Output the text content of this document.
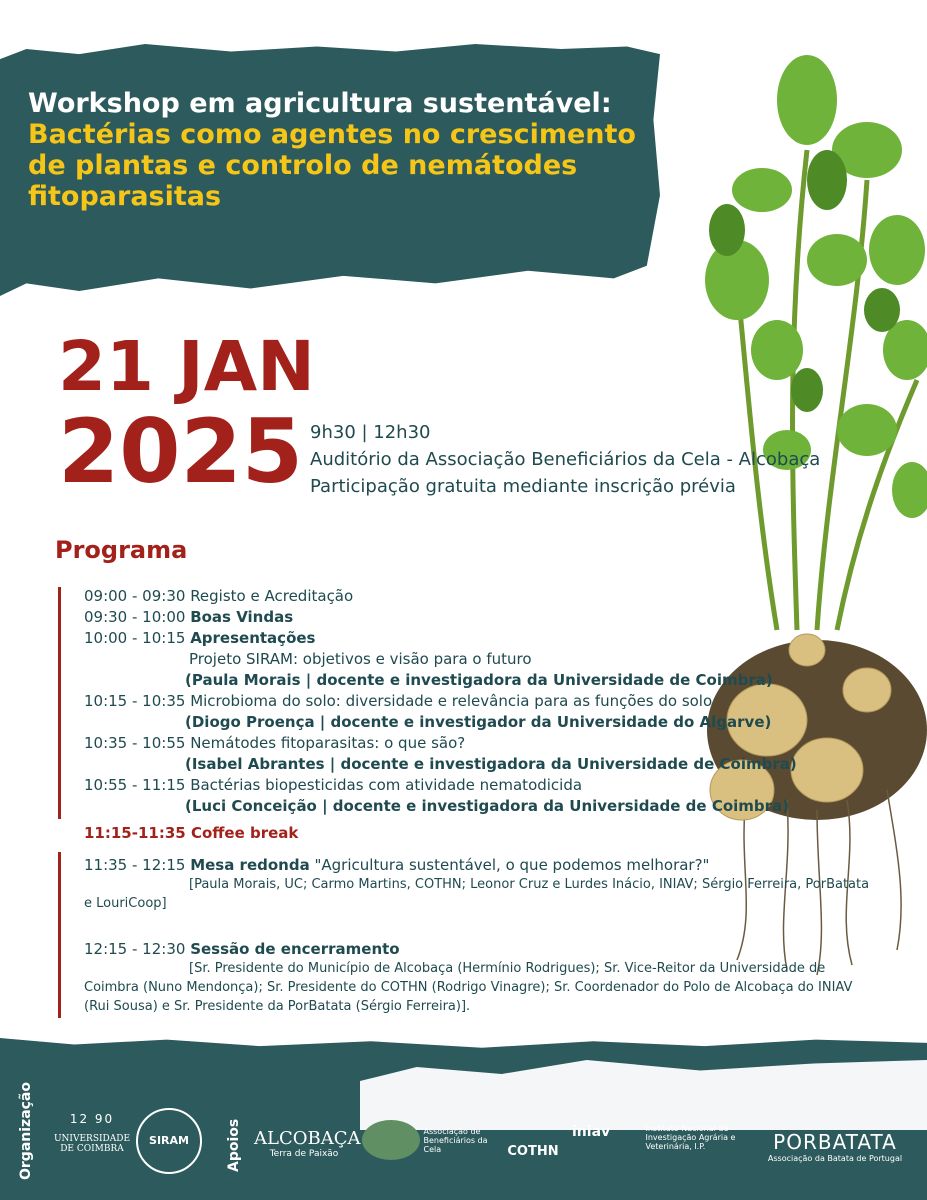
Workshop em agricultura sustentável:
Bactérias como agentes no crescimento de plantas e controlo de nemátodes fitoparasitas
21 JAN
2025 9h30 | 12h30
Auditório da Associação Beneficiários da Cela - Alcobaça
Participação gratuita mediante inscrição prévia
Programa
09:00 - 09:30 Registo e Acreditação
09:30 - 10:00 Boas Vindas
10:00 - 10:15 Apresentações
Projeto SIRAM: objetivos e visão para o futuro
(Paula Morais | docente e investigadora da Universidade de Coimbra)
10:15 - 10:35 Microbioma do solo: diversidade e relevância para as funções do solo
(Diogo Proença | docente e investigador da Universidade do Algarve)
10:35 - 10:55 Nemátodes fitoparasitas: o que são?
(Isabel Abrantes | docente e investigadora da Universidade de Coimbra)
10:55 - 11:15 Bactérias biopesticidas com atividade nematodicida
(Luci Conceição | docente e investigadora da Universidade de Coimbra)
11:15-11:35 Coffee break
11:35 - 12:15 Mesa redonda "Agricultura sustentável, o que podemos melhorar?"
[Paula Morais, UC; Carmo Martins, COTHN; Leonor Cruz e Lurdes Inácio, INIAV; Sérgio Ferreira, PorBatata e LouriCoop]
12:15 - 12:30 Sessão de encerramento
[Sr. Presidente do Município de Alcobaça (Hermínio Rodrigues); Sr. Vice-Reitor da Universidade de Coimbra (Nuno Mendonça); Sr. Presidente do COTHN (Rodrigo Vinagre); Sr. Coordenador do Polo de Alcobaça do INIAV (Rui Sousa) e Sr. Presidente da PorBatata (Sérgio Ferreira)].
Organização	Apoios
12 90
UNIVERSIDADE DE COIMBRA
SIRAM	ALCOBAÇA
Terra de Paixão
Associação de Beneficiários da Cela	COTHN
iniav	Instituto Nacional de Investigação Agrária e Veterinária, I.P.	PORBATATA
Associação da Batata de Portugal
